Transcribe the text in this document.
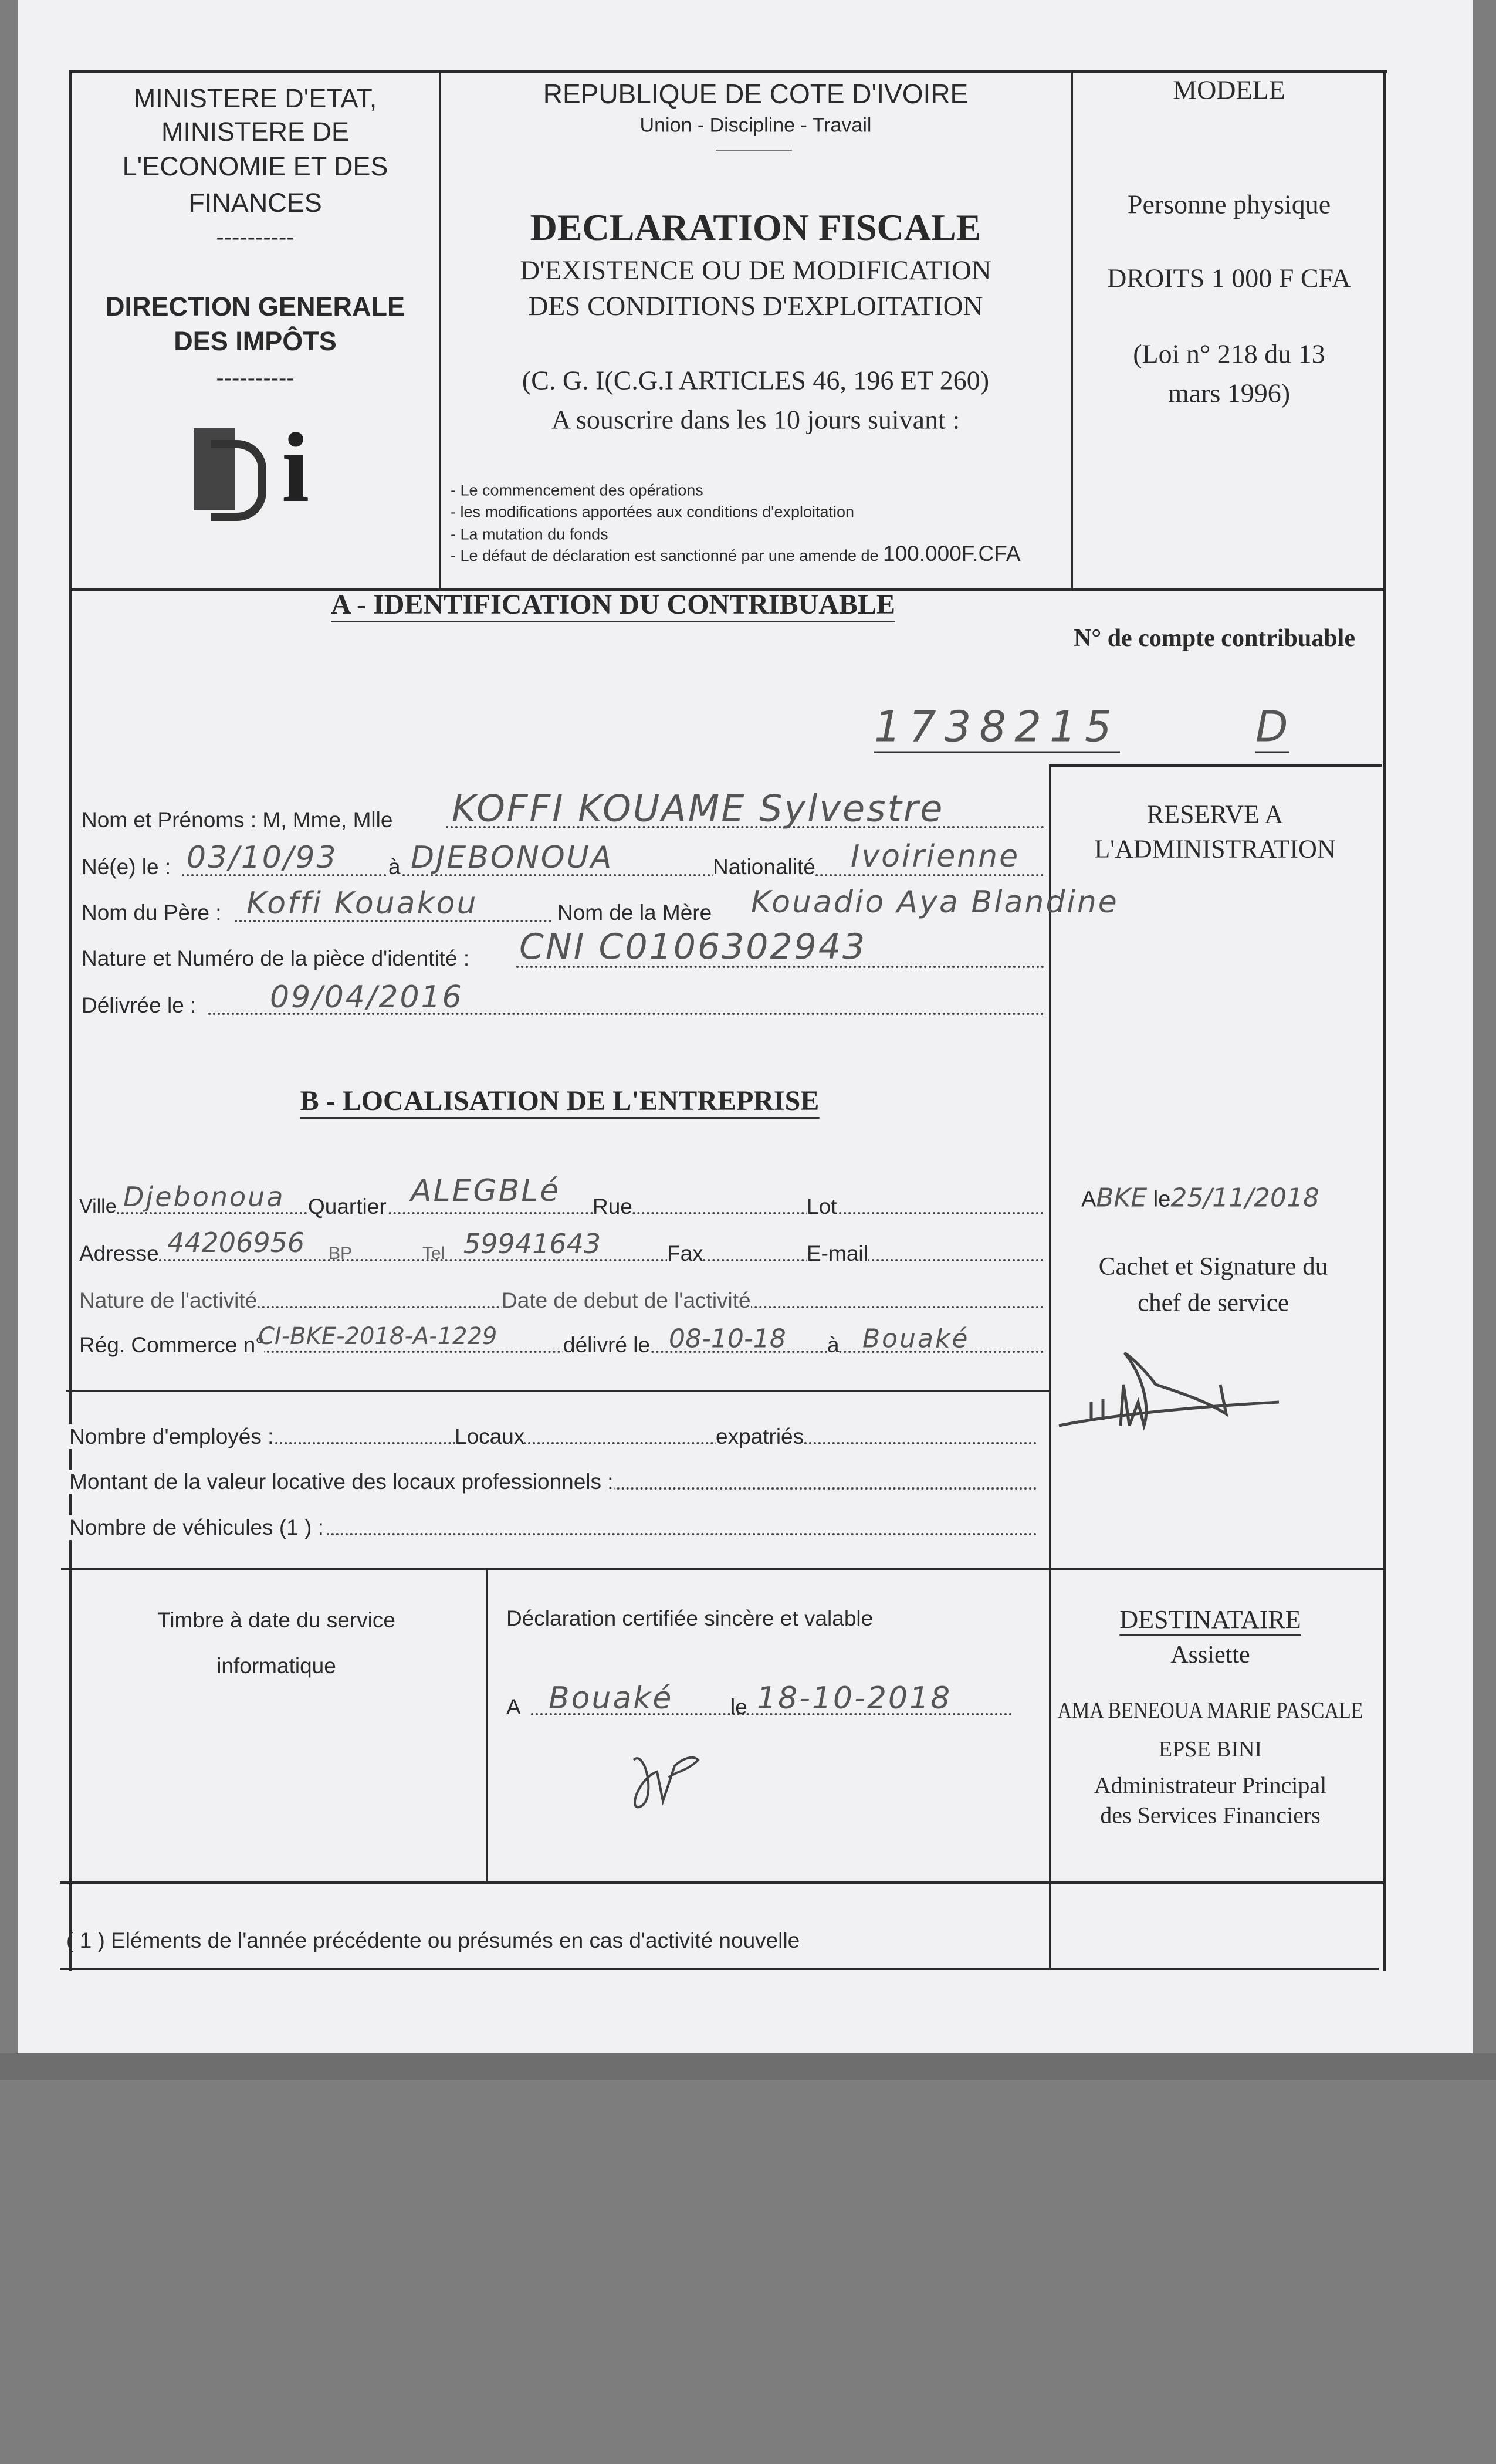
MINISTERE D'ETAT,
MINISTERE DE
L'ECONOMIE ET DES
FINANCES
----------
DIRECTION GENERALE
DES IMPÔTS
----------
i
REPUBLIQUE DE COTE D'IVOIRE
Union - Discipline - Travail
DECLARATION FISCALE
D'EXISTENCE OU DE MODIFICATION
DES CONDITIONS D'EXPLOITATION
(C. G. I(C.G.I ARTICLES 46, 196 ET 260)
A souscrire dans les 10 jours suivant :
- Le commencement des opérations
- les modifications apportées aux conditions d'exploitation
- La mutation du fonds
- Le défaut de déclaration est sanctionné par une amende de 100.000F.CFA
MODELE
Personne physique
DROITS 1 000 F CFA
(Loi n° 218 du 13
mars 1996)
A - IDENTIFICATION DU CONTRIBUABLE
N° de compte contribuable
1738215	D
RESERVE A
L'ADMINISTRATION
Nom et Prénoms : M, Mme, Mlle KOFFI KOUAME Sylvestre
Né(e) le : 03/10/93 à DJEBONOUA	Nationalité Ivoirienne
Nom du Père : Koffi Kouakou	Nom de la Mère Kouadio Aya Blandine
Nature et Numéro de la pièce d'identité : CNI C0106302943
Délivrée le : 09/04/2016
B - LOCALISATION DE L'ENTREPRISE
Ville Djebonoua Quartier ALEGBLé Rue	Lot
Adresse 44206956 BP	Tel 59941643	Fax	E-mail
Nature de l'activité	Date de debut de l'activité
Rég. Commerce n°
CI-BKE-2018-A-1229	délivré le 08-10-18 à Bouaké
ABKE le25/11/2018
Cachet et Signature du
chef de service
Nombre d'employés :	Locaux	expatriés
Montant de la valeur locative des locaux professionnels :
Nombre de véhicules (1 ) :
Timbre à date du service
informatique
Déclaration certifiée sincère et valable
A Bouaké	le 18-10-2018
DESTINATAIRE
Assiette
AMA BENEOUA MARIE PASCALE
EPSE BINI
Administrateur Principal
des Services Financiers
( 1 ) Eléments de l'année précédente ou présumés en cas d'activité nouvelle
